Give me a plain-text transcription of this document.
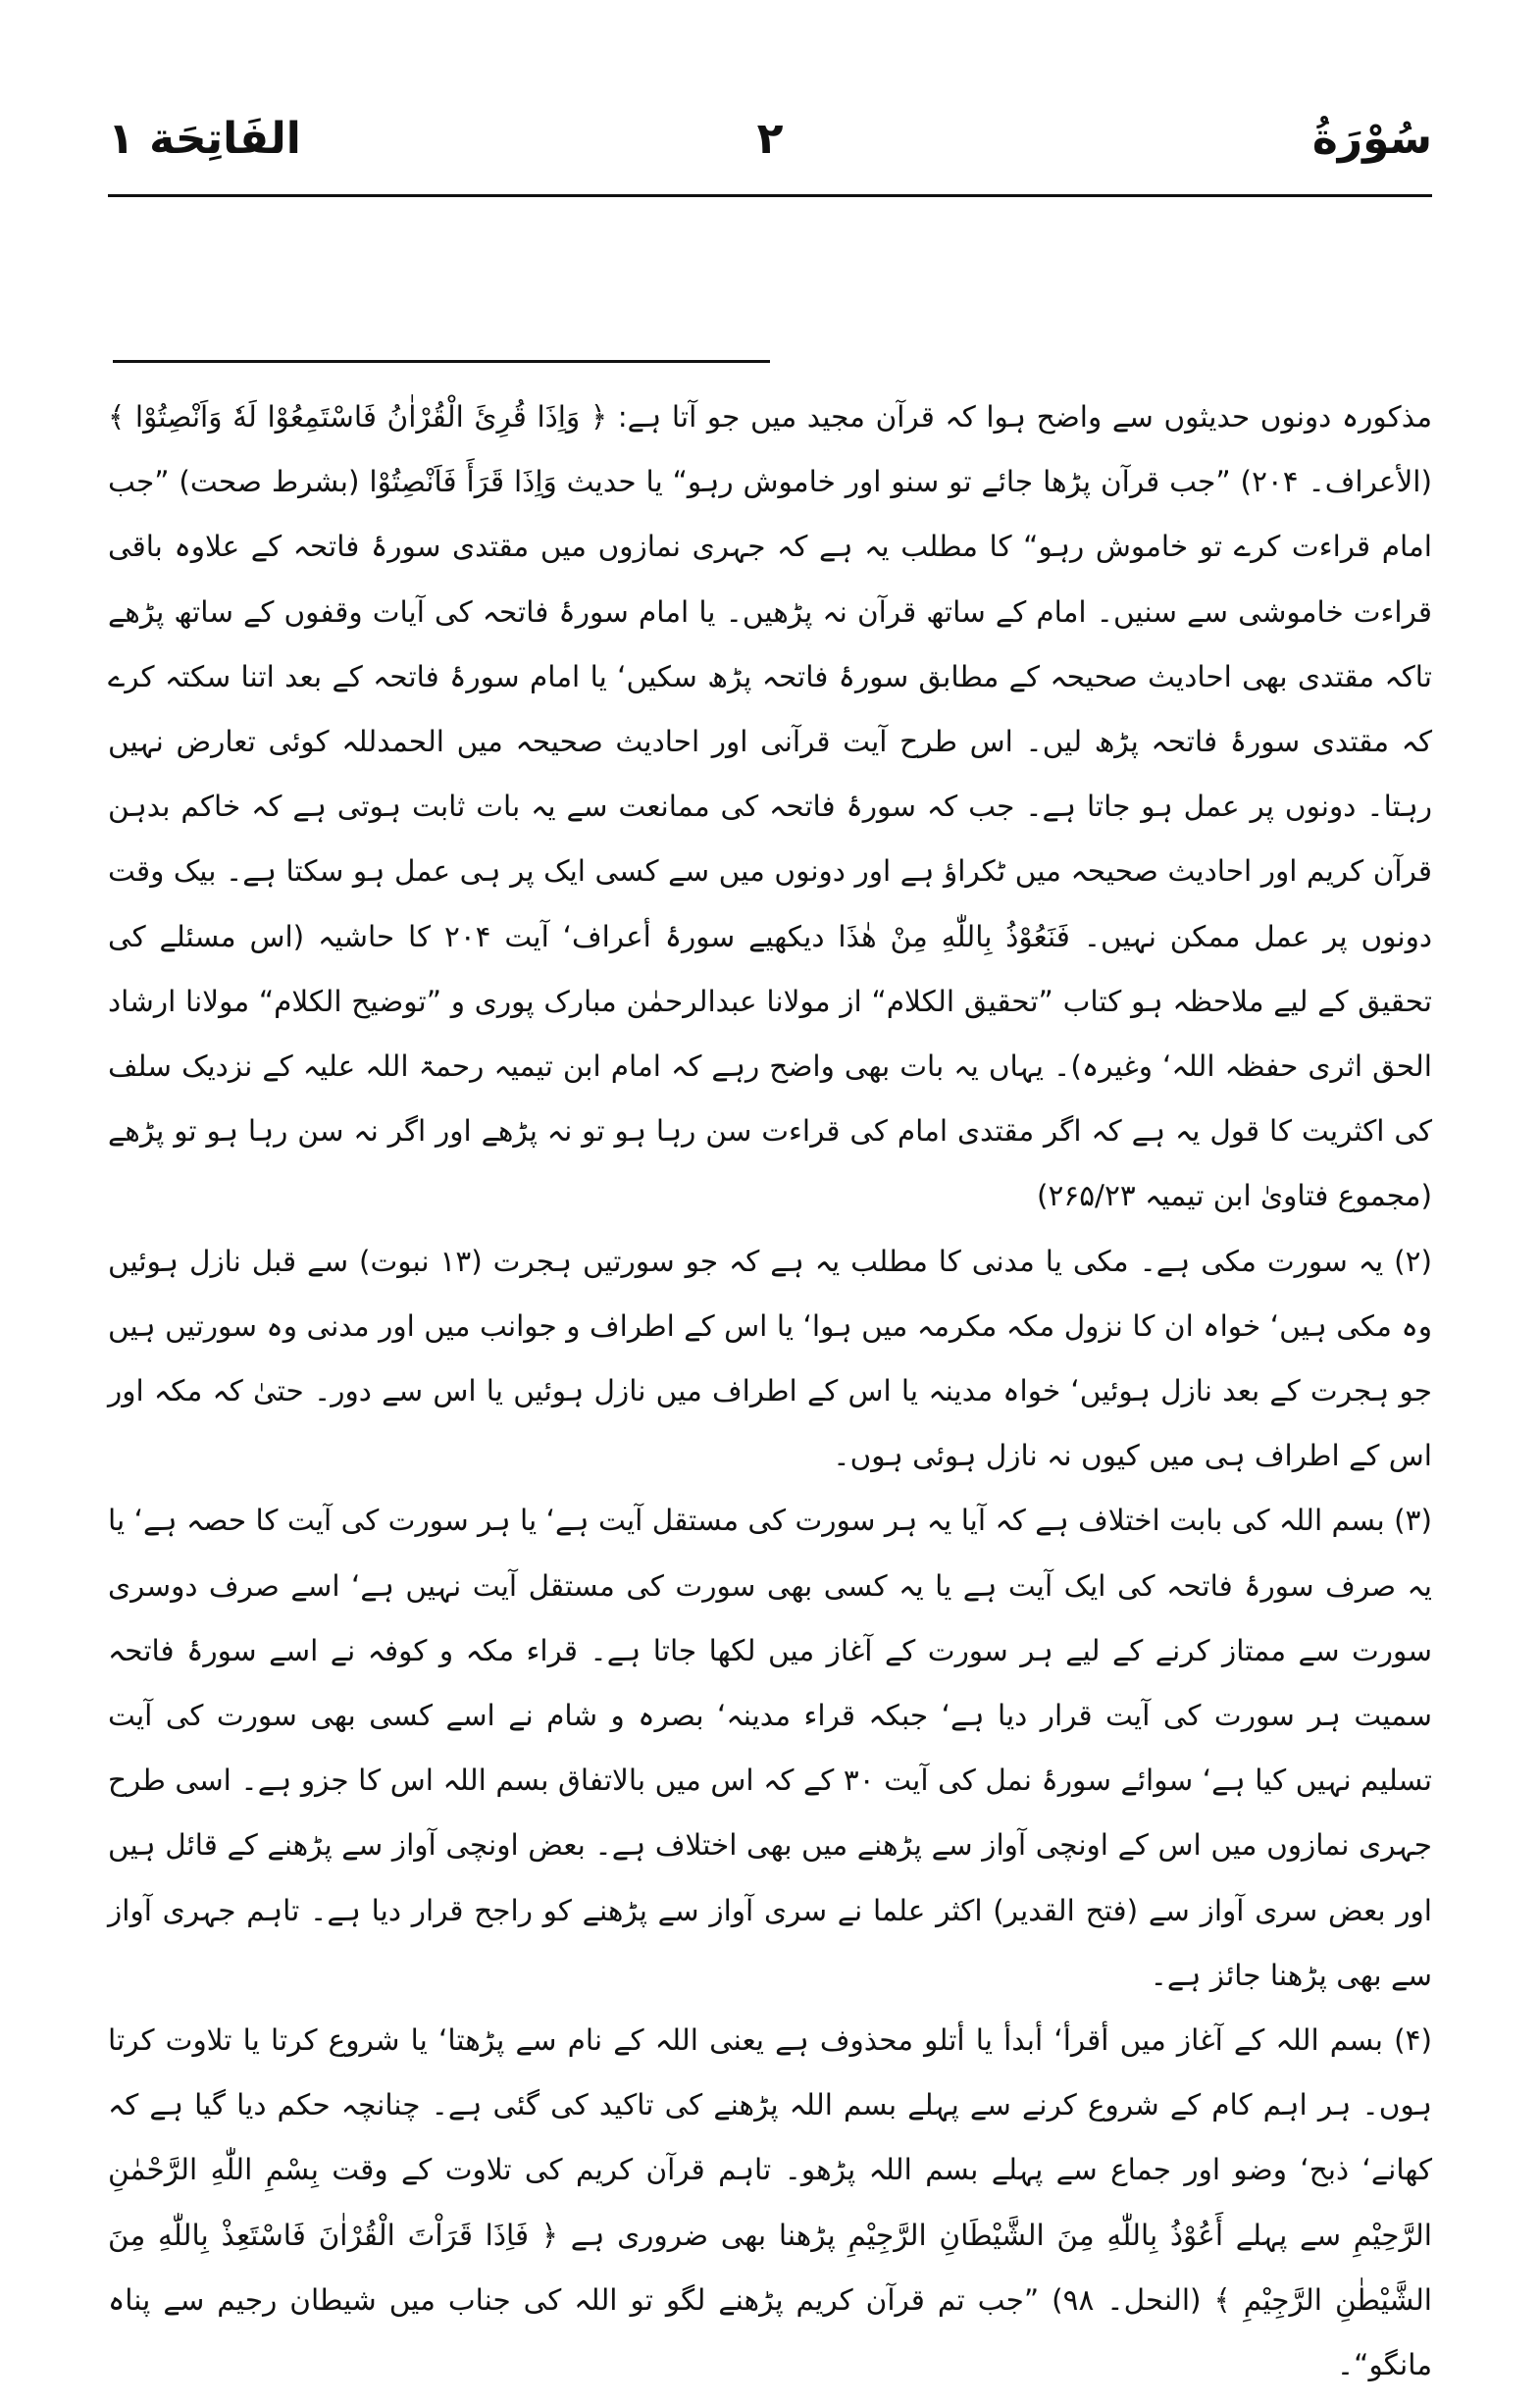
سُوْرَةُ
۲
الفَاتِحَة ١

مذکورہ دونوں حدیثوں سے واضح ہوا کہ قرآن مجید میں جو آتا ہے: ﴿ وَاِذَا قُرِئَ الْقُرْاٰنُ فَاسْتَمِعُوْا لَهٗ وَاَنْصِتُوْا ﴾ (الأعراف۔ ۲۰۴) ”جب قرآن پڑھا جائے تو سنو اور خاموش رہو“ یا حدیث وَاِذَا قَرَأَ فَاَنْصِتُوْا (بشرط صحت) ”جب امام قراءت کرے تو خاموش رہو“ کا مطلب یہ ہے کہ جہری نمازوں میں مقتدی سورۂ فاتحہ کے علاوہ باقی قراءت خاموشی سے سنیں۔ امام کے ساتھ قرآن نہ پڑھیں۔ یا امام سورۂ فاتحہ کی آیات وقفوں کے ساتھ پڑھے تاکہ مقتدی بھی احادیث صحیحہ کے مطابق سورۂ فاتحہ پڑھ سکیں‘ یا امام سورۂ فاتحہ کے بعد اتنا سکتہ کرے کہ مقتدی سورۂ فاتحہ پڑھ لیں۔ اس طرح آیت قرآنی اور احادیث صحیحہ میں الحمدللہ کوئی تعارض نہیں رہتا۔ دونوں پر عمل ہو جاتا ہے۔ جب کہ سورۂ فاتحہ کی ممانعت سے یہ بات ثابت ہوتی ہے کہ خاکم بدہن قرآن کریم اور احادیث صحیحہ میں ٹکراؤ ہے اور دونوں میں سے کسی ایک پر ہی عمل ہو سکتا ہے۔ بیک وقت دونوں پر عمل ممکن نہیں۔ فَنَعُوْذُ بِاللّٰهِ مِنْ هٰذَا دیکھیے سورۂ أعراف‘ آیت ۲۰۴ کا حاشیہ (اس مسئلے کی تحقیق کے لیے ملاحظہ ہو کتاب ”تحقیق الکلام“ از مولانا عبدالرحمٰن مبارک پوری و ”توضیح الکلام“ مولانا ارشاد الحق اثری حفظہ اللہ‘ وغیرہ)۔ یہاں یہ بات بھی واضح رہے کہ امام ابن تیمیہ رحمۃ اللہ علیہ کے نزدیک سلف کی اکثریت کا قول یہ ہے کہ اگر مقتدی امام کی قراءت سن رہا ہو تو نہ پڑھے اور اگر نہ سن رہا ہو تو پڑھے (مجموع فتاویٰ ابن تیمیہ ۲۶۵/۲۳)

(۲) یہ سورت مکی ہے۔ مکی یا مدنی کا مطلب یہ ہے کہ جو سورتیں ہجرت (۱۳ نبوت) سے قبل نازل ہوئیں وہ مکی ہیں‘ خواہ ان کا نزول مکہ مکرمہ میں ہوا‘ یا اس کے اطراف و جوانب میں اور مدنی وہ سورتیں ہیں جو ہجرت کے بعد نازل ہوئیں‘ خواہ مدینہ یا اس کے اطراف میں نازل ہوئیں یا اس سے دور۔ حتیٰ کہ مکہ اور اس کے اطراف ہی میں کیوں نہ نازل ہوئی ہوں۔

(۳) بسم اللہ کی بابت اختلاف ہے کہ آیا یہ ہر سورت کی مستقل آیت ہے‘ یا ہر سورت کی آیت کا حصہ ہے‘ یا یہ صرف سورۂ فاتحہ کی ایک آیت ہے یا یہ کسی بھی سورت کی مستقل آیت نہیں ہے‘ اسے صرف دوسری سورت سے ممتاز کرنے کے لیے ہر سورت کے آغاز میں لکھا جاتا ہے۔ قراء مکہ و کوفہ نے اسے سورۂ فاتحہ سمیت ہر سورت کی آیت قرار دیا ہے‘ جبکہ قراء مدینہ‘ بصرہ و شام نے اسے کسی بھی سورت کی آیت تسلیم نہیں کیا ہے‘ سوائے سورۂ نمل کی آیت ۳۰ کے کہ اس میں بالاتفاق بسم اللہ اس کا جزو ہے۔ اسی طرح جہری نمازوں میں اس کے اونچی آواز سے پڑھنے میں بھی اختلاف ہے۔ بعض اونچی آواز سے پڑھنے کے قائل ہیں اور بعض سری آواز سے (فتح القدیر) اکثر علما نے سری آواز سے پڑھنے کو راجح قرار دیا ہے۔ تاہم جہری آواز سے بھی پڑھنا جائز ہے۔

(۴) بسم اللہ کے آغاز میں أقرأ‘ أبدأ یا أتلو محذوف ہے یعنی اللہ کے نام سے پڑھتا‘ یا شروع کرتا یا تلاوت کرتا ہوں۔ ہر اہم کام کے شروع کرنے سے پہلے بسم اللہ پڑھنے کی تاکید کی گئی ہے۔ چنانچہ حکم دیا گیا ہے کہ کھانے‘ ذبح‘ وضو اور جماع سے پہلے بسم اللہ پڑھو۔ تاہم قرآن کریم کی تلاوت کے وقت بِسْمِ اللّٰهِ الرَّحْمٰنِ الرَّحِيْمِ سے پہلے أَعُوْذُ بِاللّٰهِ مِنَ الشَّيْطَانِ الرَّجِيْمِ پڑھنا بھی ضروری ہے ﴿ فَاِذَا قَرَاْتَ الْقُرْاٰنَ فَاسْتَعِذْ بِاللّٰهِ مِنَ الشَّيْطٰنِ الرَّجِيْمِ ﴾ (النحل۔ ۹۸) ”جب تم قرآن کریم پڑھنے لگو تو اللہ کی جناب میں شیطان رجیم سے پناہ مانگو“۔
